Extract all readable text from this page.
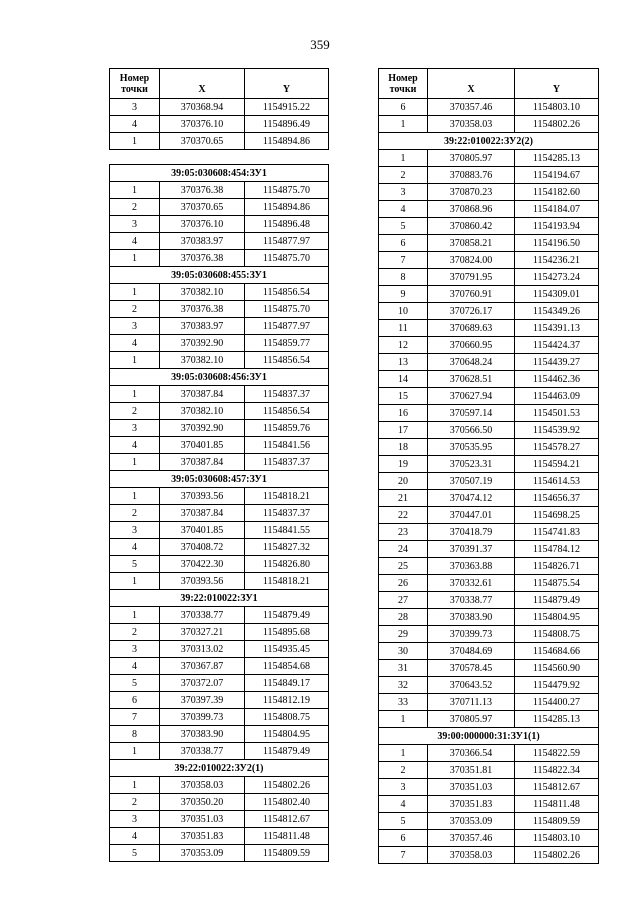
359
Номер
точки	X	Y
3	370368.94	1154915.22
4	370376.10	1154896.49
1	370370.65	1154894.86

39:05:030608:454:ЗУ1		
1	370376.38	1154875.70
2	370370.65	1154894.86
3	370376.10	1154896.48
4	370383.97	1154877.97
1	370376.38	1154875.70
39:05:030608:455:ЗУ1		
1	370382.10	1154856.54
2	370376.38	1154875.70
3	370383.97	1154877.97
4	370392.90	1154859.77
1	370382.10	1154856.54
39:05:030608:456:ЗУ1		
1	370387.84	1154837.37
2	370382.10	1154856.54
3	370392.90	1154859.76
4	370401.85	1154841.56
1	370387.84	1154837.37
39:05:030608:457:ЗУ1		
1	370393.56	1154818.21
2	370387.84	1154837.37
3	370401.85	1154841.55
4	370408.72	1154827.32
5	370422.30	1154826.80
1	370393.56	1154818.21
39:22:010022:ЗУ1		
1	370338.77	1154879.49
2	370327.21	1154895.68
3	370313.02	1154935.45
4	370367.87	1154854.68
5	370372.07	1154849.17
6	370397.39	1154812.19
7	370399.73	1154808.75
8	370383.90	1154804.95
1	370338.77	1154879.49
39:22:010022:ЗУ2(1)		
1	370358.03	1154802.26
2	370350.20	1154802.40
3	370351.03	1154812.67
4	370351.83	1154811.48
5	370353.09	1154809.59
Номер
точки	X	Y
6	370357.46	1154803.10
1	370358.03	1154802.26
39:22:010022:ЗУ2(2)		
1	370805.97	1154285.13
2	370883.76	1154194.67
3	370870.23	1154182.60
4	370868.96	1154184.07
5	370860.42	1154193.94
6	370858.21	1154196.50
7	370824.00	1154236.21
8	370791.95	1154273.24
9	370760.91	1154309.01
10	370726.17	1154349.26
11	370689.63	1154391.13
12	370660.95	1154424.37
13	370648.24	1154439.27
14	370628.51	1154462.36
15	370627.94	1154463.09
16	370597.14	1154501.53
17	370566.50	1154539.92
18	370535.95	1154578.27
19	370523.31	1154594.21
20	370507.19	1154614.53
21	370474.12	1154656.37
22	370447.01	1154698.25
23	370418.79	1154741.83
24	370391.37	1154784.12
25	370363.88	1154826.71
26	370332.61	1154875.54
27	370338.77	1154879.49
28	370383.90	1154804.95
29	370399.73	1154808.75
30	370484.69	1154684.66
31	370578.45	1154560.90
32	370643.52	1154479.92
33	370711.13	1154400.27
1	370805.97	1154285.13
39:00:000000:31:ЗУ1(1)		
1	370366.54	1154822.59
2	370351.81	1154822.34
3	370351.03	1154812.67
4	370351.83	1154811.48
5	370353.09	1154809.59
6	370357.46	1154803.10
7	370358.03	1154802.26
